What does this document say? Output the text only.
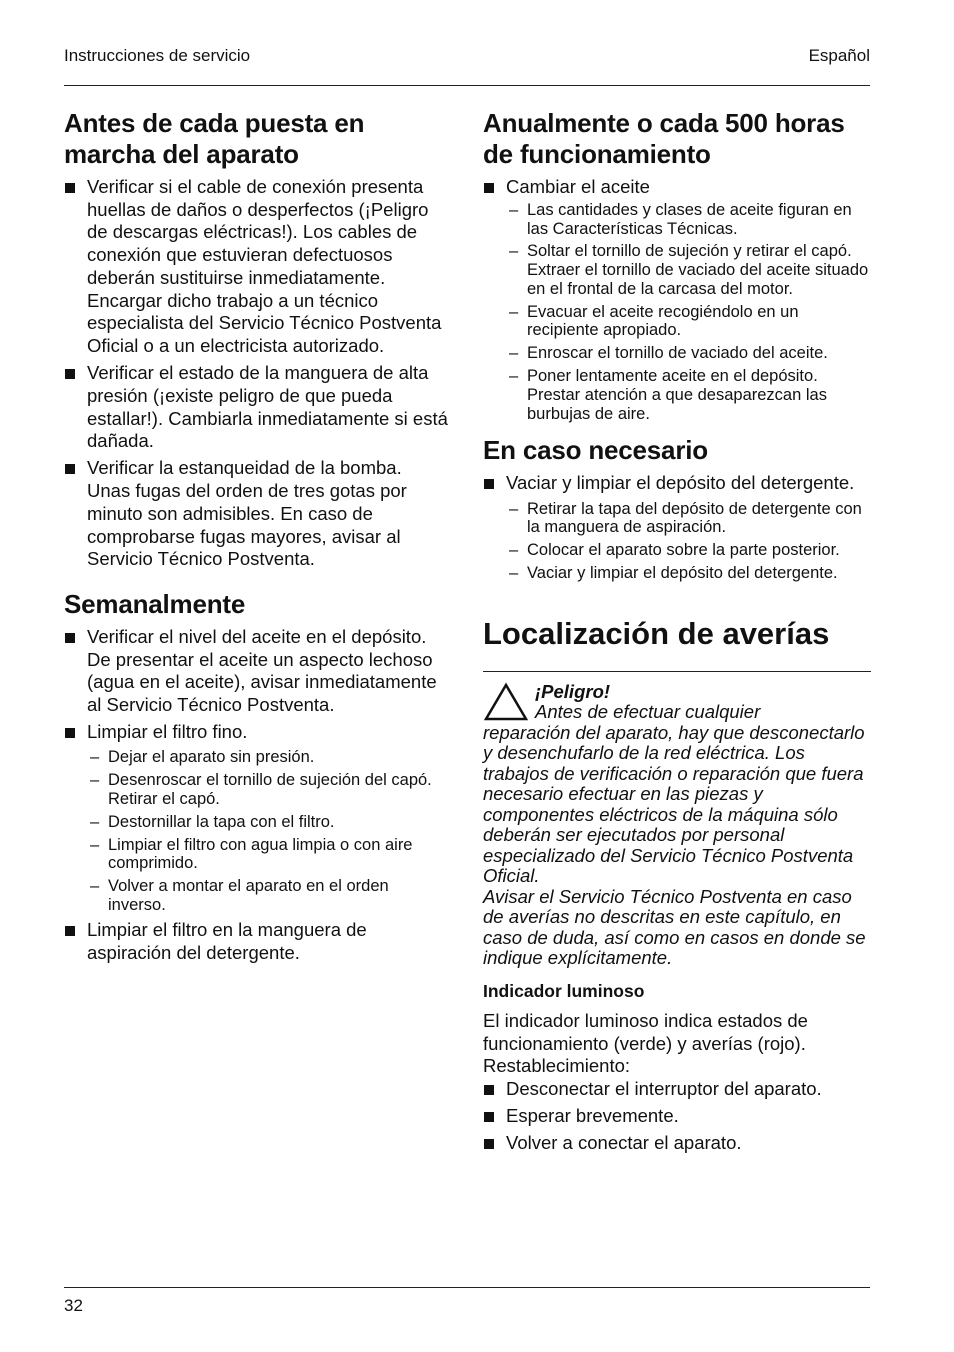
Instrucciones de servicio	Español
Antes de cada puesta en marcha del aparato
Verificar si el cable de conexión presenta huellas de daños o desperfectos (¡Peligro de descargas eléctricas!). Los cables de conexión que estuvieran defectuosos deberán sustituirse inmediatamente. Encargar dicho trabajo a un técnico especialista del Servicio Técnico Postventa Oficial o a un electricista autorizado.
Verificar el estado de la manguera de alta presión (¡existe peligro de que pueda estallar!). Cambiarla inmediatamente si está dañada.
Verificar la estanqueidad de la bomba. Unas fugas del orden de tres gotas por minuto son admisibles. En caso de comprobarse fugas mayores, avisar al Servicio Técnico Postventa.
Semanalmente
Verificar el nivel del aceite en el depósito. De presentar el aceite un aspecto lechoso (agua en el aceite), avisar inmediatamente al Servicio Técnico Postventa.
Limpiar el filtro fino.
– Dejar el aparato sin presión.
– Desenroscar el tornillo de sujeción del capó. Retirar el capó.
– Destornillar la tapa con el filtro.
– Limpiar el filtro con agua limpia o con aire comprimido.
– Volver a montar el aparato en el orden inverso.
Limpiar el filtro en la manguera de aspiración del detergente.
Anualmente o cada 500 horas de funcionamiento
Cambiar el aceite
– Las cantidades y clases de aceite figuran en las Características Técnicas.
– Soltar el tornillo de sujeción y retirar el capó. Extraer el tornillo de vaciado del aceite situado en el frontal de la carcasa del motor.
– Evacuar el aceite recogiéndolo en un recipiente apropiado.
– Enroscar el tornillo de vaciado del aceite.
– Poner lentamente aceite en el depósito. Prestar atención a que desaparezcan las burbujas de aire.
En caso necesario
Vaciar y limpiar el depósito del detergente.
– Retirar la tapa del depósito de detergente con la manguera de aspiración.
– Colocar el aparato sobre la parte posterior.
– Vaciar y limpiar el depósito del detergente.
Localización de averías
¡Peligro!
Antes de efectuar cualquier
reparación del aparato, hay que desconectarlo y desenchufarlo de la red eléctrica. Los trabajos de verificación o reparación que fuera necesario efectuar en las piezas y componentes eléctricos de la máquina sólo deberán ser ejecutados por personal especializado del Servicio Técnico Postventa Oficial.
Avisar el Servicio Técnico Postventa en caso de averías no descritas en este capítulo, en caso de duda, así como en casos en donde se indique explícitamente.
Indicador luminoso

El indicador luminoso indica estados de funcionamiento (verde) y averías (rojo).

Restablecimiento:

Desconectar el interruptor del aparato.
Esperar brevemente.
Volver a conectar el aparato.
32
